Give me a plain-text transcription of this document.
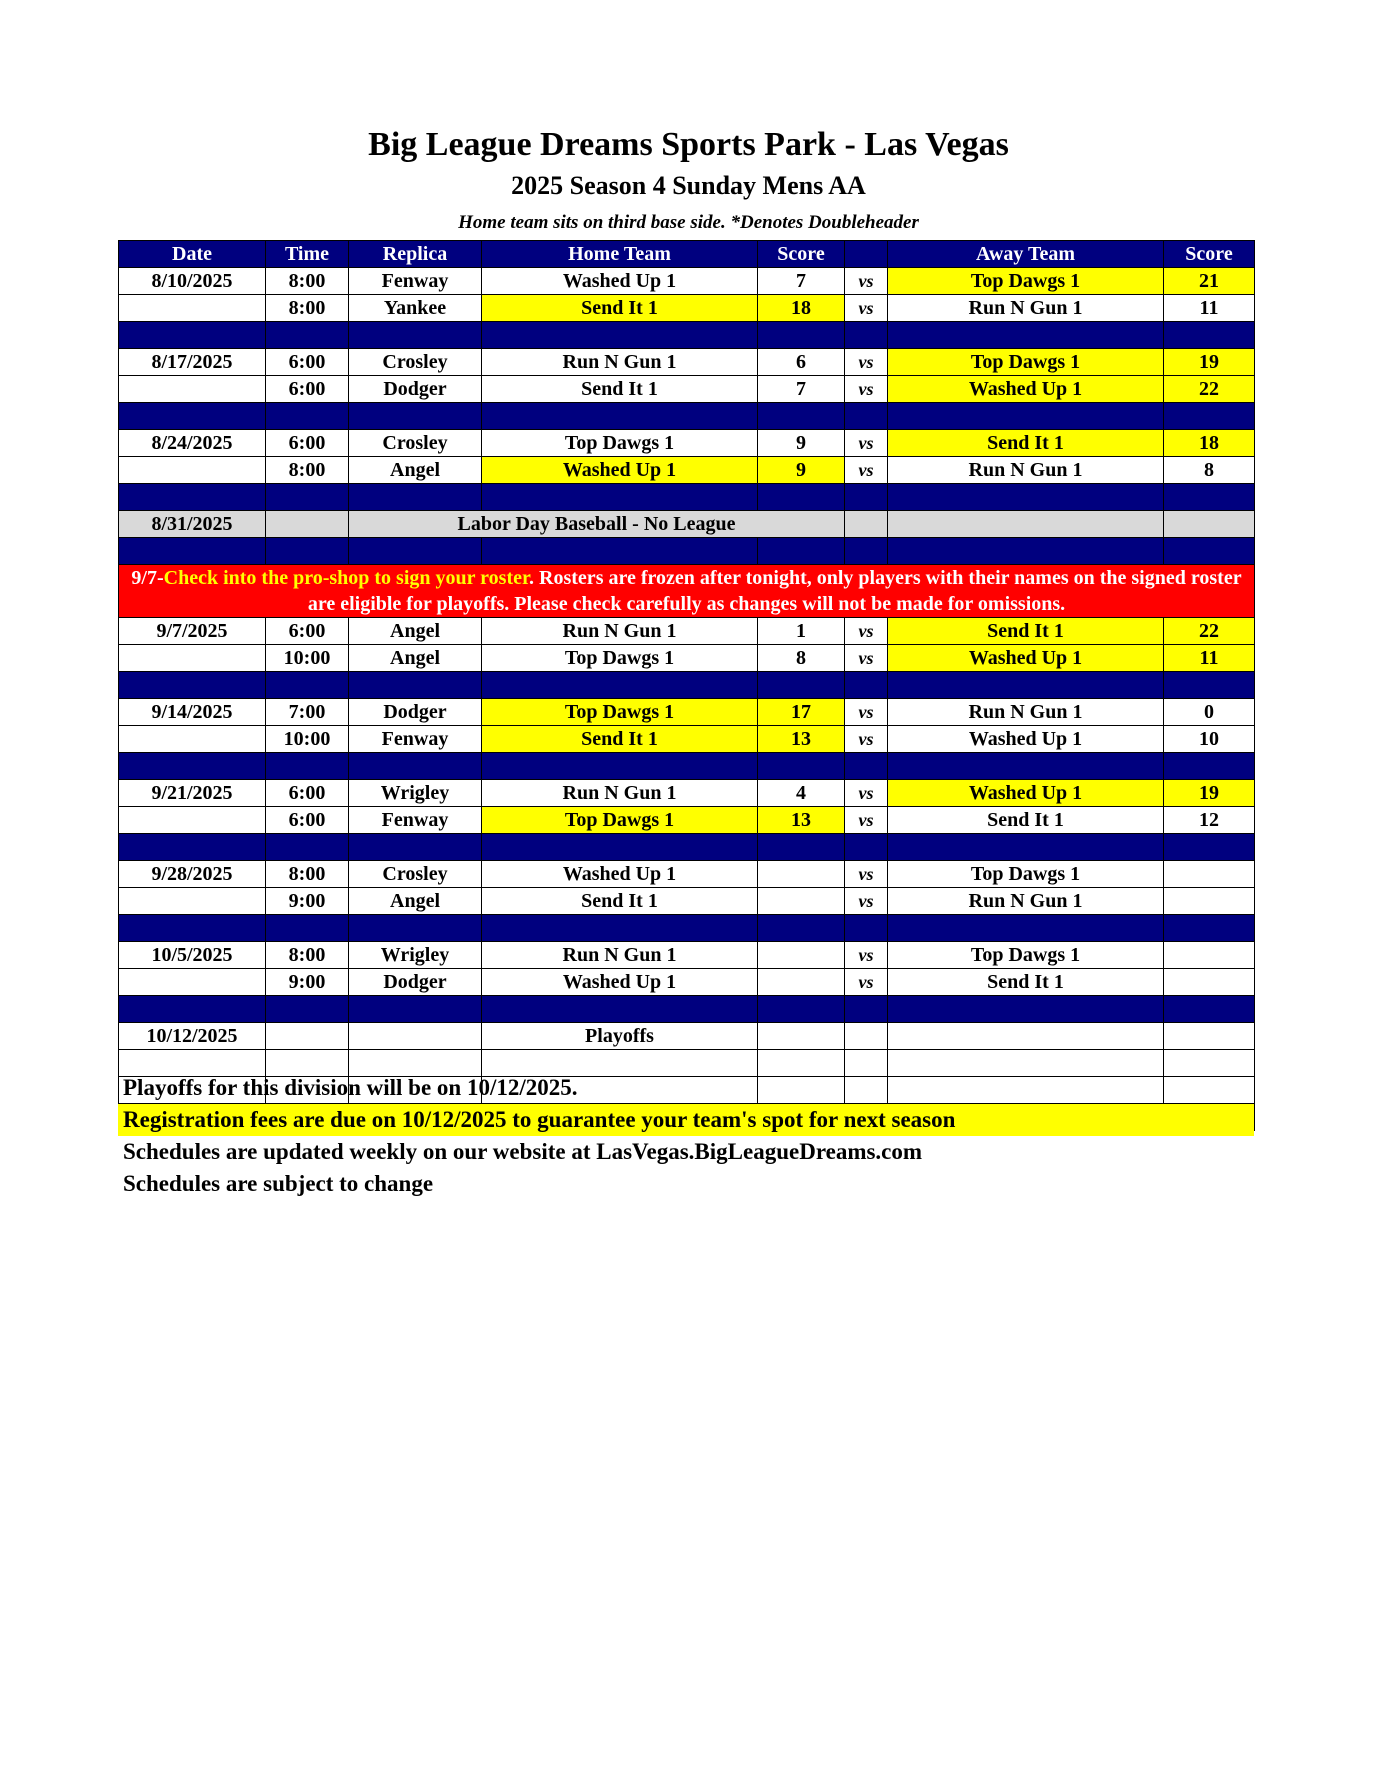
Big League Dreams Sports Park - Las Vegas
2025 Season 4 Sunday Mens AA
Home team sits on third base side. *Denotes Doubleheader
Date	Time	Replica	Home Team	Score		Away Team	Score
8/10/2025	8:00	Fenway	Washed Up 1	7	vs	Top Dawgs 1	21
	8:00	Yankee	Send It 1	18	vs	Run N Gun 1	11

8/17/2025	6:00	Crosley	Run N Gun 1	6	vs	Top Dawgs 1	19
	6:00	Dodger	Send It 1	7	vs	Washed Up 1	22

8/24/2025	6:00	Crosley	Top Dawgs 1	9	vs	Send It 1	18
	8:00	Angel	Washed Up 1	9	vs	Run N Gun 1	8

8/31/2025		Labor Day Baseball - No League					

9/7-Check into the pro-shop to sign your roster. Rosters are frozen after tonight, only players with their names on the signed roster are eligible for playoffs. Please check carefully as changes will not be made for omissions.							
9/7/2025	6:00	Angel	Run N Gun 1	1	vs	Send It 1	22
	10:00	Angel	Top Dawgs 1	8	vs	Washed Up 1	11

9/14/2025	7:00	Dodger	Top Dawgs 1	17	vs	Run N Gun 1	0
	10:00	Fenway	Send It 1	13	vs	Washed Up 1	10

9/21/2025	6:00	Wrigley	Run N Gun 1	4	vs	Washed Up 1	19
	6:00	Fenway	Top Dawgs 1	13	vs	Send It 1	12

9/28/2025	8:00	Crosley	Washed Up 1		vs	Top Dawgs 1	
	9:00	Angel	Send It 1		vs	Run N Gun 1	

10/5/2025	8:00	Wrigley	Run N Gun 1		vs	Top Dawgs 1	
	9:00	Dodger	Washed Up 1		vs	Send It 1	

10/12/2025			Playoffs				

Playoffs for this division will be on 10/12/2025.
Registration fees are due on 10/12/2025 to guarantee your team's spot for next season
Schedules are updated weekly on our website at LasVegas.BigLeagueDreams.com
Schedules are subject to change
